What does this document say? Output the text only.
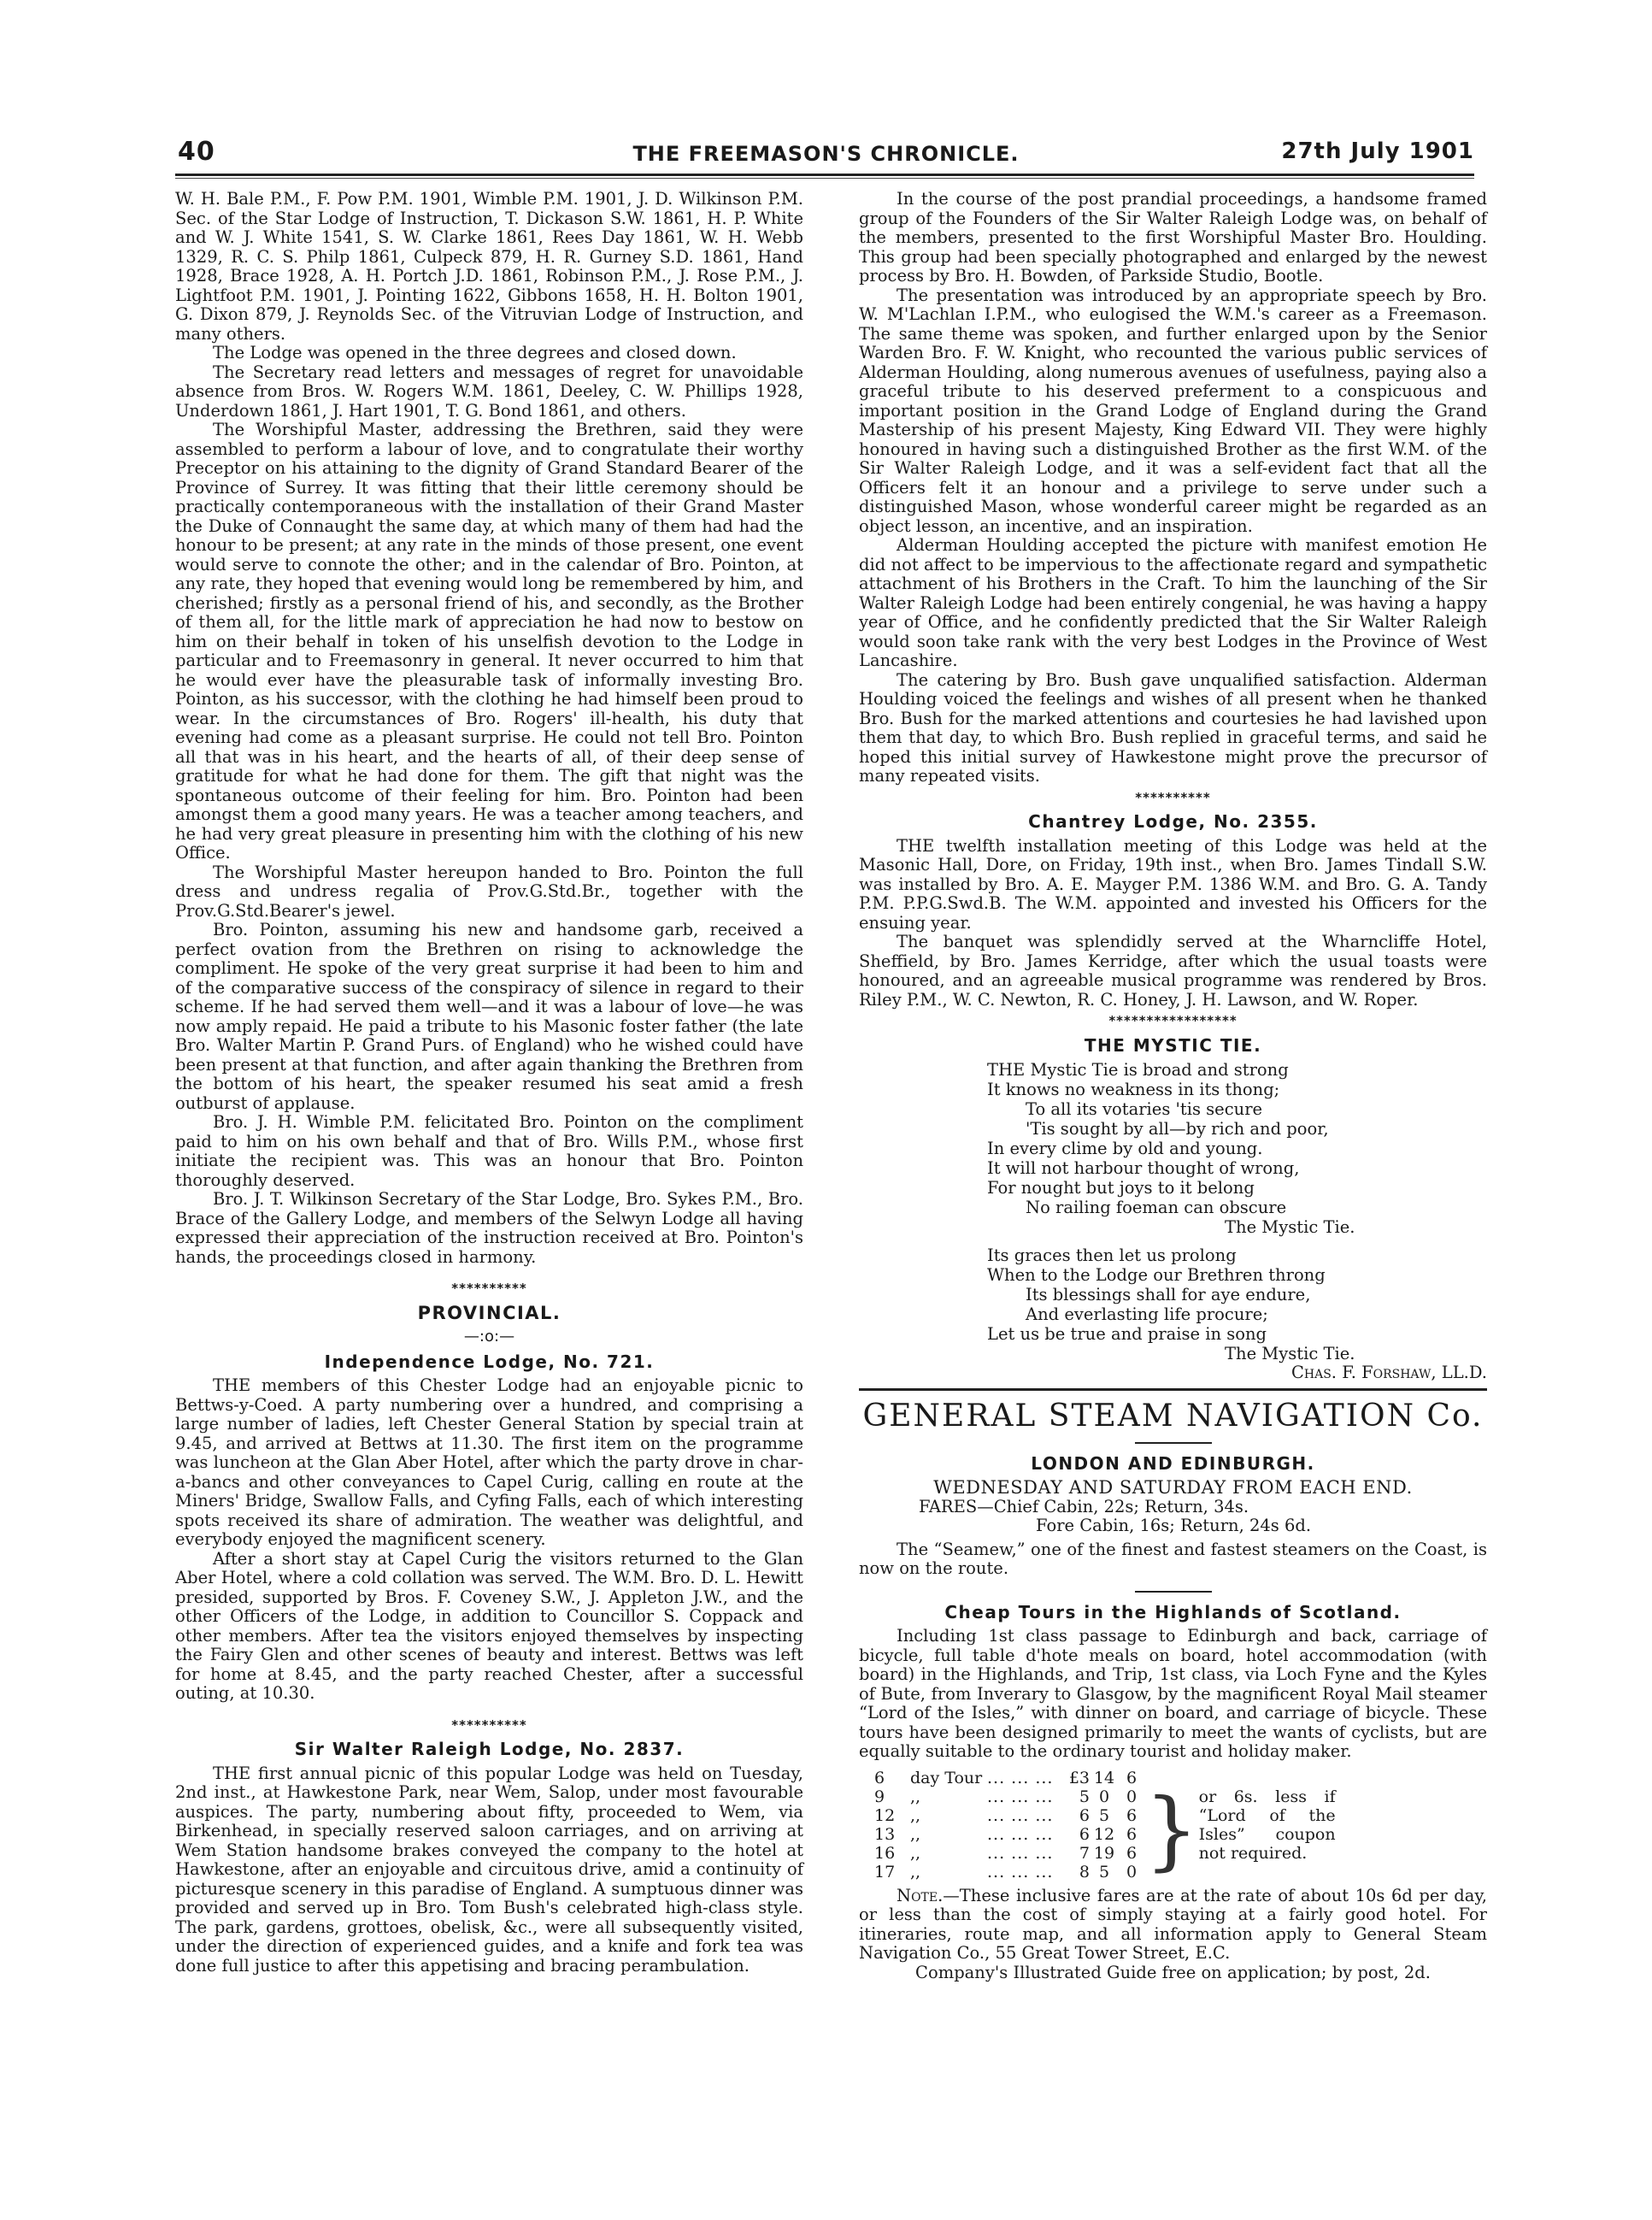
40	THE FREEMASON'S CHRONICLE.	27th July 1901

W. H. Bale P.M., F. Pow P.M. 1901, Wimble P.M. 1901, J. D. Wilkinson P.M. Sec. of the Star Lodge of Instruction, T. Dickason S.W. 1861, H. P. White and W. J. White 1541, S. W. Clarke 1861, Rees Day 1861, W. H. Webb 1329, R. C. S. Philp 1861, Culpeck 879, H. R. Gurney S.D. 1861, Hand 1928, Brace 1928, A. H. Portch J.D. 1861, Robinson P.M., J. Rose P.M., J. Lightfoot P.M. 1901, J. Pointing 1622, Gibbons 1658, H. H. Bolton 1901, G. Dixon 879, J. Reynolds Sec. of the Vitruvian Lodge of Instruction, and many others.

The Lodge was opened in the three degrees and closed down.

The Secretary read letters and messages of regret for unavoidable absence from Bros. W. Rogers W.M. 1861, Deeley, C. W. Phillips 1928, Underdown 1861, J. Hart 1901, T. G. Bond 1861, and others.

The Worshipful Master, addressing the Brethren, said they were assembled to perform a labour of love, and to congratulate their worthy Preceptor on his attaining to the dignity of Grand Standard Bearer of the Province of Surrey. It was fitting that their little ceremony should be practically contemporaneous with the installation of their Grand Master the Duke of Connaught the same day, at which many of them had had the honour to be present; at any rate in the minds of those present, one event would serve to connote the other; and in the calendar of Bro. Pointon, at any rate, they hoped that evening would long be remembered by him, and cherished; firstly as a personal friend of his, and secondly, as the Brother of them all, for the little mark of appreciation he had now to bestow on him on their behalf in token of his unselfish devotion to the Lodge in particular and to Freemasonry in general. It never occurred to him that he would ever have the pleasurable task of informally investing Bro. Pointon, as his successor, with the clothing he had himself been proud to wear. In the circumstances of Bro. Rogers' ill-health, his duty that evening had come as a pleasant surprise. He could not tell Bro. Pointon all that was in his heart, and the hearts of all, of their deep sense of gratitude for what he had done for them. The gift that night was the spontaneous outcome of their feeling for him. Bro. Pointon had been amongst them a good many years. He was a teacher among teachers, and he had very great pleasure in presenting him with the clothing of his new Office.

The Worshipful Master hereupon handed to Bro. Pointon the full dress and undress regalia of Prov.G.Std.Br., together with the Prov.G.Std.Bearer's jewel.

Bro. Pointon, assuming his new and handsome garb, received a perfect ovation from the Brethren on rising to acknowledge the compliment. He spoke of the very great surprise it had been to him and of the comparative success of the conspiracy of silence in regard to their scheme. If he had served them well—and it was a labour of love—he was now amply repaid. He paid a tribute to his Masonic foster father (the late Bro. Walter Martin P. Grand Purs. of England) who he wished could have been present at that function, and after again thanking the Brethren from the bottom of his heart, the speaker resumed his seat amid a fresh outburst of applause.

Bro. J. H. Wimble P.M. felicitated Bro. Pointon on the compliment paid to him on his own behalf and that of Bro. Wills P.M., whose first initiate the recipient was. This was an honour that Bro. Pointon thoroughly deserved.

Bro. J. T. Wilkinson Secretary of the Star Lodge, Bro. Sykes P.M., Bro. Brace of the Gallery Lodge, and members of the Selwyn Lodge all having expressed their appreciation of the instruction received at Bro. Pointon's hands, the proceedings closed in harmony.

**********
PROVINCIAL.
—:o:—
Independence Lodge, No. 721.

THE members of this Chester Lodge had an enjoyable picnic to Bettws-y-Coed. A party numbering over a hundred, and comprising a large number of ladies, left Chester General Station by special train at 9.45, and arrived at Bettws at 11.30. The first item on the programme was luncheon at the Glan Aber Hotel, after which the party drove in char-a-bancs and other conveyances to Capel Curig, calling en route at the Miners' Bridge, Swallow Falls, and Cyfing Falls, each of which interesting spots received its share of admiration. The weather was delightful, and everybody enjoyed the magnificent scenery.

After a short stay at Capel Curig the visitors returned to the Glan Aber Hotel, where a cold collation was served. The W.M. Bro. D. L. Hewitt presided, supported by Bros. F. Coveney S.W., J. Appleton J.W., and the other Officers of the Lodge, in addition to Councillor S. Coppack and other members. After tea the visitors enjoyed themselves by inspecting the Fairy Glen and other scenes of beauty and interest. Bettws was left for home at 8.45, and the party reached Chester, after a successful outing, at 10.30.

**********
Sir Walter Raleigh Lodge, No. 2837.

THE first annual picnic of this popular Lodge was held on Tuesday, 2nd inst., at Hawkestone Park, near Wem, Salop, under most favourable auspices. The party, numbering about fifty, proceeded to Wem, via Birkenhead, in specially reserved saloon carriages, and on arriving at Wem Station handsome brakes conveyed the company to the hotel at Hawkestone, after an enjoyable and circuitous drive, amid a continuity of picturesque scenery in this paradise of England. A sumptuous dinner was provided and served up in Bro. Tom Bush's celebrated high-class style. The park, gardens, grottoes, obelisk, &c., were all subsequently visited, under the direction of experienced guides, and a knife and fork tea was done full justice to after this appetising and bracing perambulation.

In the course of the post prandial proceedings, a handsome framed group of the Founders of the Sir Walter Raleigh Lodge was, on behalf of the members, presented to the first Worshipful Master Bro. Houlding. This group had been specially photographed and enlarged by the newest process by Bro. H. Bowden, of Parkside Studio, Bootle.

The presentation was introduced by an appropriate speech by Bro. W. M'Lachlan I.P.M., who eulogised the W.M.'s career as a Freemason. The same theme was spoken, and further enlarged upon by the Senior Warden Bro. F. W. Knight, who recounted the various public services of Alderman Houlding, along numerous avenues of usefulness, paying also a graceful tribute to his deserved preferment to a conspicuous and important position in the Grand Lodge of England during the Grand Mastership of his present Majesty, King Edward VII. They were highly honoured in having such a distinguished Brother as the first W.M. of the Sir Walter Raleigh Lodge, and it was a self-evident fact that all the Officers felt it an honour and a privilege to serve under such a distinguished Mason, whose wonderful career might be regarded as an object lesson, an incentive, and an inspiration.

Alderman Houlding accepted the picture with manifest emotion He did not affect to be impervious to the affectionate regard and sympathetic attachment of his Brothers in the Craft. To him the launching of the Sir Walter Raleigh Lodge had been entirely congenial, he was having a happy year of Office, and he confidently predicted that the Sir Walter Raleigh would soon take rank with the very best Lodges in the Province of West Lancashire.

The catering by Bro. Bush gave unqualified satisfaction. Alderman Houlding voiced the feelings and wishes of all present when he thanked Bro. Bush for the marked attentions and courtesies he had lavished upon them that day, to which Bro. Bush replied in graceful terms, and said he hoped this initial survey of Hawkestone might prove the precursor of many repeated visits.

**********
Chantrey Lodge, No. 2355.

THE twelfth installation meeting of this Lodge was held at the Masonic Hall, Dore, on Friday, 19th inst., when Bro. James Tindall S.W. was installed by Bro. A. E. Mayger P.M. 1386 W.M. and Bro. G. A. Tandy P.M. P.P.G.Swd.B. The W.M. appointed and invested his Officers for the ensuing year.

The banquet was splendidly served at the Wharncliffe Hotel, Sheffield, by Bro. James Kerridge, after which the usual toasts were honoured, and an agreeable musical programme was rendered by Bros. Riley P.M., W. C. Newton, R. C. Honey, J. H. Lawson, and W. Roper.

*****************
THE MYSTIC TIE.
THE Mystic Tie is broad and strong
It knows no weakness in its thong;
To all its votaries 'tis secure
'Tis sought by all—by rich and poor,
In every clime by old and young.
It will not harbour thought of wrong,
For nought but joys to it belong
No railing foeman can obscure
The Mystic Tie.
Its graces then let us prolong
When to the Lodge our Brethren throng
Its blessings shall for aye endure,
And everlasting life procure;
Let us be true and praise in song
The Mystic Tie.

Chas. F. Forshaw, LL.D.

GENERAL STEAM NAVIGATION Co.
LONDON AND EDINBURGH.

WEDNESDAY AND SATURDAY FROM EACH END.

FARES—Chief Cabin, 22s; Return, 34s.
Fore Cabin, 16s; Return, 24s 6d.

The “Seamew,” one of the finest and fastest steamers on the Coast, is now on the route.

Cheap Tours in the Highlands of Scotland.

Including 1st class passage to Edinburgh and back, carriage of bicycle, full table d'hote meals on board, hotel accommodation (with board) in the Highlands, and Trip, 1st class, via Loch Fyne and the Kyles of Bute, from Inverary to Glasgow, by the magnificent Royal Mail steamer “Lord of the Isles,” with dinner on board, and carriage of bicycle. These tours have been designed primarily to meet the wants of cyclists, but are equally suitable to the ordinary tourist and holiday maker.

6	day Tour	... ... ...	£3	14	6		
9	,,	... ... ...	5	0	0	}	or 6s. less if “Lord of the Isles” coupon not required.
12	,,	... ... ...	6	5	6		
13	,,	... ... ...	6	12	6		
16	,,	... ... ...	7	19	6		
17	,,	... ... ...	8	5	0		

Note.—These inclusive fares are at the rate of about 10s 6d per day, or less than the cost of simply staying at a fairly good hotel. For itineraries, route map, and all information apply to General Steam Navigation Co., 55 Great Tower Street, E.C.

Company's Illustrated Guide free on application; by post, 2d.
